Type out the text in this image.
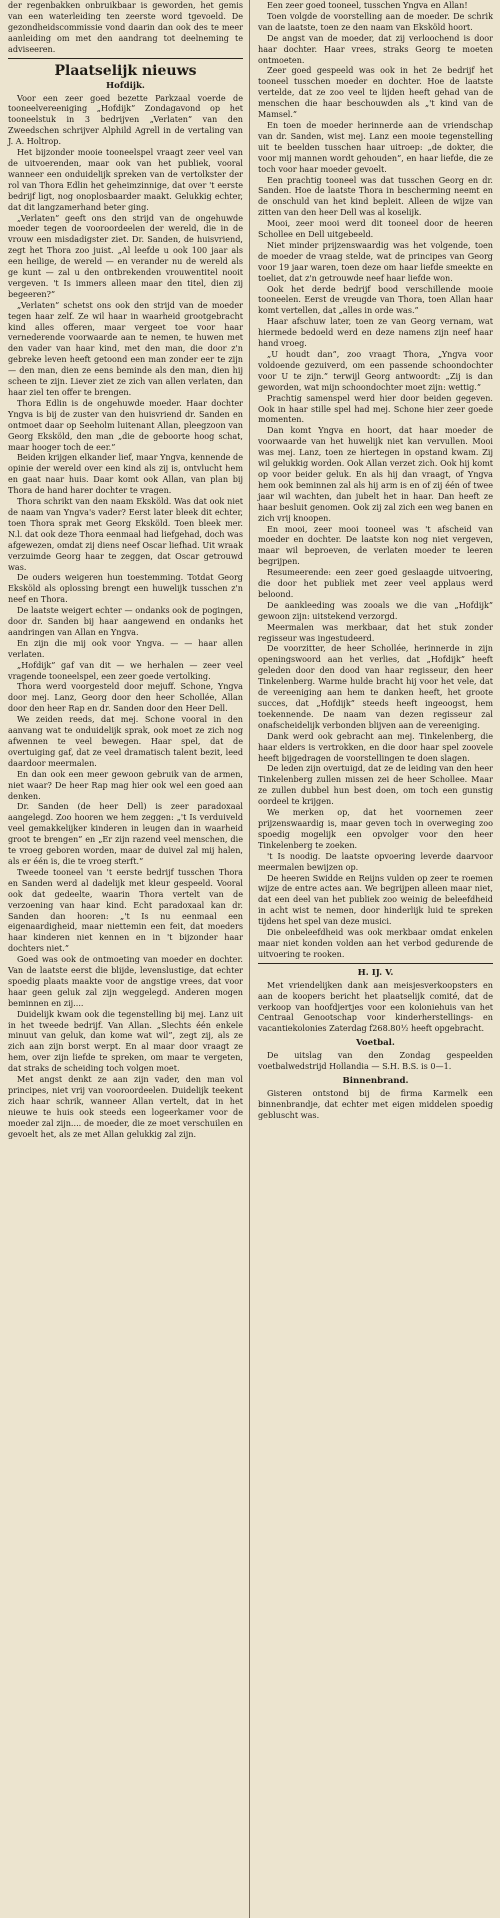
der regenbakken onbruikbaar is geworden, het gemis van een waterleiding ten zeerste word tgevoeld. De gezondheidscommissie vond daarin dan ook des te meer aanleiding om met den aandrang tot deelneming te adviseeren.

Plaatselijk nieuws
Hofdijk.

Voor een zeer goed bezette Parkzaal voerde de tooneelvereeniging „Hofdijk” Zondagavond op het tooneelstuk in 3 bedrijven „Verlaten” van den Zweedschen schrijver Alphild Agrell in de vertaling van J. A. Holtrop.

Het bijzonder mooie tooneelspel vraagt zeer veel van de uitvoerenden, maar ook van het publiek, vooral wanneer een onduidelijk spreken van de vertolkster der rol van Thora Edlin het geheimzinnige, dat over 't eerste bedrijf ligt, nog onoplosbaarder maakt. Gelukkig echter, dat dit langzamerhand beter ging.

„Verlaten” geeft ons den strijd van de ongehuwde moeder tegen de vooroordeelen der wereld, die in de vrouw een misdadigster ziet. Dr. Sanden, de huisvriend, zegt het Thora zoo juist. „Al leefde u ook 100 jaar als een heilige, de wereld — en verander nu de wereld als ge kunt — zal u den ontbrekenden vrouwentitel nooit vergeven. 't Is immers alleen maar den titel, dien zij begeeren?”

„Verlaten” schetst ons ook den strijd van de moeder tegen haar zelf. Ze wil haar in waarheid grootgebracht kind alles offeren, maar vergeet toe voor haar vernederende voorwaarde aan te nemen, te huwen met den vader van haar kind, met den man, die door z'n gebreke leven heeft getoond een man zonder eer te zijn — den man, dien ze eens beminde als den man, dien hij scheen te zijn. Liever ziet ze zich van allen verlaten, dan haar ziel ten offer te brengen.

Thora Edlin is de ongehuwde moeder. Haar dochter Yngva is bij de zuster van den huisvriend dr. Sanden en ontmoet daar op Seeholm luitenant Allan, pleegzoon van Georg Eksköld, den man „die de geboorte hoog schat, maar hooger toch de eer.”

Beiden krijgen elkander lief, maar Yngva, kennende de opinie der wereld over een kind als zij is, ontvlucht hem en gaat naar huis. Daar komt ook Allan, van plan bij Thora de hand harer dochter te vragen.

Thora schrikt van den naam Eksköld. Was dat ook niet de naam van Yngva's vader? Eerst later bleek dit echter, toen Thora sprak met Georg Eksköld. Toen bleek mer. N.l. dat ook deze Thora eenmaal had liefgehad, doch was afgewezen, omdat zij diens neef Oscar liefhad. Uit wraak verzuimde Georg haar te zeggen, dat Oscar getrouwd was.

De ouders weigeren hun toestemming. Totdat Georg Eksköld als oplossing brengt een huwelijk tusschen z'n neef en Thora.

De laatste weigert echter — ondanks ook de pogingen, door dr. Sanden bij haar aangewend en ondanks het aandringen van Allan en Yngva.

En zijn die mij ook voor Yngva. — — haar allen verlaten.

„Hofdijk” gaf van dit — we herhalen — zeer veel vragende tooneelspel, een zeer goede vertolking.

Thora werd voorgesteld door mejuff. Schone, Yngva door mej. Lanz, Georg door den heer Schollée, Allan door den heer Rap en dr. Sanden door den Heer Dell.

We zeiden reeds, dat mej. Schone vooral in den aanvang wat te onduidelijk sprak, ook moet ze zich nog afwennen te veel bewegen. Haar spel, dat de overtuiging gaf, dat ze veel dramatisch talent bezit, leed daardoor meermalen.

En dan ook een meer gewoon gebruik van de armen, niet waar? De heer Rap mag hier ook wel een goed aan denken.

Dr. Sanden (de heer Dell) is zeer paradoxaal aangelegd. Zoo hooren we hem zeggen: „'t Is verduiveld veel gemakkelijker kinderen in leugen dan in waarheid groot te brengen” en „Er zijn razend veel menschen, die te vroeg geboren worden, maar de duivel zal mij halen, als er één is, die te vroeg sterft.”

Tweede tooneel van 't eerste bedrijf tusschen Thora en Sanden werd al dadelijk met kleur gespeeld. Vooral ook dat gedeelte, waarin Thora vertelt van de verzoening van haar kind. Echt paradoxaal kan dr. Sanden dan hooren: „'t Is nu eenmaal een eigenaardigheid, maar niettemin een feit, dat moeders haar kinderen niet kennen en in 't bijzonder haar dochters niet.”

Goed was ook de ontmoeting van moeder en dochter. Van de laatste eerst die blijde, levenslustige, dat echter spoedig plaats maakte voor de angstige vrees, dat voor haar geen geluk zal zijn weggelegd. Anderen mogen beminnen en zij....

Duidelijk kwam ook die tegenstelling bij mej. Lanz uit in het tweede bedrijf. Van Allan. „Slechts één enkele minuut van geluk, dan kome wat wil”, zegt zij, als ze zich aan zijn borst werpt. En al maar door vraagt ze hem, over zijn liefde te spreken, om maar te vergeten, dat straks de scheiding toch volgen moet.

Met angst denkt ze aan zijn vader, den man vol principes, niet vrij van vooroordeelen. Duidelijk teekent zich haar schrik, wanneer Allan vertelt, dat in het nieuwe te huis ook steeds een logeerkamer voor de moeder zal zijn.... de moeder, die ze moet verschuilen en gevoelt het, als ze met Allan gelukkig zal zijn.

Een zeer goed tooneel, tusschen Yngva en Allan!

Toen volgde de voorstelling aan de moeder. De schrik van de laatste, toen ze den naam van Eksköld hoort.

De angst van de moeder, dat zij verloochend is door haar dochter. Haar vrees, straks Georg te moeten ontmoeten.

Zeer goed gespeeld was ook in het 2e bedrijf het tooneel tusschen moeder en dochter. Hoe de laatste vertelde, dat ze zoo veel te lijden heeft gehad van de menschen die haar beschouwden als „'t kind van de Mamsel.”

En toen de moeder herinnerde aan de vriendschap van dr. Sanden, wist mej. Lanz een mooie tegenstelling uit te beelden tusschen haar uitroep: „de dokter, die voor mij mannen wordt gehouden”, en haar liefde, die ze toch voor haar moeder gevoelt.

Een prachtig tooneel was dat tusschen Georg en dr. Sanden. Hoe de laatste Thora in bescherming neemt en de onschuld van het kind bepleit. Alleen de wijze van zitten van den heer Dell was al koselijk.

Mooi, zeer mooi werd dit tooneel door de heeren Schollee en Dell uitgebeeld.

Niet minder prijzenswaardig was het volgende, toen de moeder de vraag stelde, wat de principes van Georg voor 19 jaar waren, toen deze om haar liefde smeekte en toeliet, dat z'n getrouwde neef haar liefde won.

Ook het derde bedrijf bood verschillende mooie tooneelen. Eerst de vreugde van Thora, toen Allan haar komt vertellen, dat „alles in orde was.”

Haar afschuw later, toen ze van Georg vernam, wat hiermede bedoeld werd en deze namens zijn neef haar hand vroeg.

„U houdt dan”, zoo vraagt Thora, „Yngva voor voldoende gezuiverd, om een passende schoondochter voor U te zijn.” terwijl Georg antwoordt: „Zij is dan geworden, wat mijn schoondochter moet zijn: wettig.”

Prachtig samenspel werd hier door beiden gegeven. Ook in haar stille spel had mej. Schone hier zeer goede momenten.

Dan komt Yngva en hoort, dat haar moeder de voorwaarde van het huwelijk niet kan vervullen. Mooi was mej. Lanz, toen ze hiertegen in opstand kwam. Zij wil gelukkig worden. Ook Allan verzet zich. Ook hij komt op voor beider geluk. En als hij dan vraagt, of Yngva hem ook beminnen zal als hij arm is en of zij één of twee jaar wil wachten, dan jubelt het in haar. Dan heeft ze haar besluit genomen. Ook zij zal zich een weg banen en zich vrij knoopen.

En mooi, zeer mooi tooneel was 't afscheid van moeder en dochter. De laatste kon nog niet vergeven, maar wil beproeven, de verlaten moeder te leeren begrijpen.

Resumeerende: een zeer goed geslaagde uitvoering, die door het publiek met zeer veel applaus werd beloond.

De aankleeding was zooals we die van „Hofdijk” gewoon zijn: uitstekend verzorgd.

Meermalen was merkbaar, dat het stuk zonder regisseur was ingestudeerd.

De voorzitter, de heer Schollée, herinnerde in zijn openingswoord aan het verlies, dat „Hofdijk” heeft geleden door den dood van haar regisseur, den heer Tinkelenberg. Warme hulde bracht hij voor het vele, dat de vereeniging aan hem te danken heeft, het groote succes, dat „Hofdijk” steeds heeft ingeoogst, hem toekennende. De naam van dezen regisseur zal onafscheidelijk verbonden blijven aan de vereeniging.

Dank werd ook gebracht aan mej. Tinkelenberg, die haar elders is vertrokken, en die door haar spel zoovele heeft bijgedragen de voorstellingen te doen slagen.

De leden zijn overtuigd, dat ze de leiding van den heer Tinkelenberg zullen missen zei de heer Schollee. Maar ze zullen dubbel hun best doen, om toch een gunstig oordeel te krijgen.

We merken op, dat het voornemen zeer prijzenswaardig is, maar geven toch in overweging zoo spoedig mogelijk een opvolger voor den heer Tinkelenberg te zoeken.

't Is noodig. De laatste opvoering leverde daarvoor meermalen bewijzen op.

De heeren Swidde en Reijns vulden op zeer te roemen wijze de entre actes aan. We begrijpen alleen maar niet, dat een deel van het publiek zoo weinig de beleefdheid in acht wist te nemen, door hinderlijk luid te spreken tijdens het spel van deze musici.

Die onbeleefdheid was ook merkbaar omdat enkelen maar niet konden volden aan het verbod gedurende de uitvoering te rooken.

H. IJ. V.

Met vriendelijken dank aan meisjesverkoopsters en aan de koopers bericht het plaatselijk comité, dat de verkoop van hoofdjertjes voor een koloniehuis van het Centraal Genootschap voor kinderherstellings- en vacantiekolonies Zaterdag f268.80½ heeft opgebracht.

Voetbal.

De uitslag van den Zondag gespeelden voetbalwedstrijd Hollandia — S.H. B.S. is 0—1.

Binnenbrand.

Gisteren ontstond bij de firma Karmelk een binnenbrandje, dat echter met eigen middelen spoedig gebluscht was.
